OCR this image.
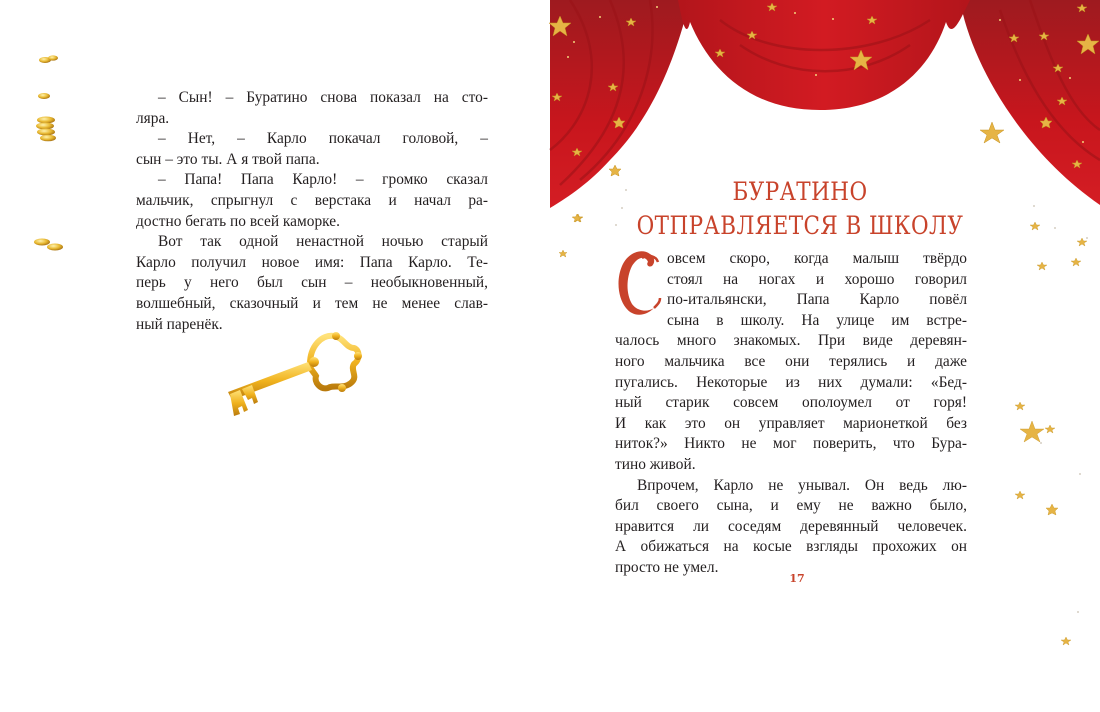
– Сын! – Буратино снова показал на сто-
ляра.

– Нет, – Карло покачал головой, –
сын – это ты. А я твой папа.

– Папа! Папа Карло! – громко сказал
мальчик, спрыгнул с верстака и начал ра-
достно бегать по всей каморке.

Вот так одной ненастной ночью старый
Карло получил новое имя: Папа Карло. Те-
перь у него был сын – необыкновенный,
волшебный, сказочный и тем не менее слав-
ный паренёк.

БУРАТИНО
ОТПРАВЛЯЕТСЯ В ШКОЛУ

овсем скоро, когда малыш твёрдо
стоял на ногах и хорошо говорил
по-итальянски, Папа Карло повёл
сына в школу. На улице им встре-
чалось много знакомых. При виде деревян-
ного мальчика все они терялись и даже
пугались. Некоторые из них думали: «Бед-
ный старик совсем ополоумел от горя!
И как это он управляет марионеткой без
ниток?» Никто не мог поверить, что Бура-
тино живой.

Впрочем, Карло не унывал. Он ведь лю-
бил своего сына, и ему не важно было,
нравится ли соседям деревянный человечек.
А обижаться на косые взгляды прохожих он
просто не умел.

17
